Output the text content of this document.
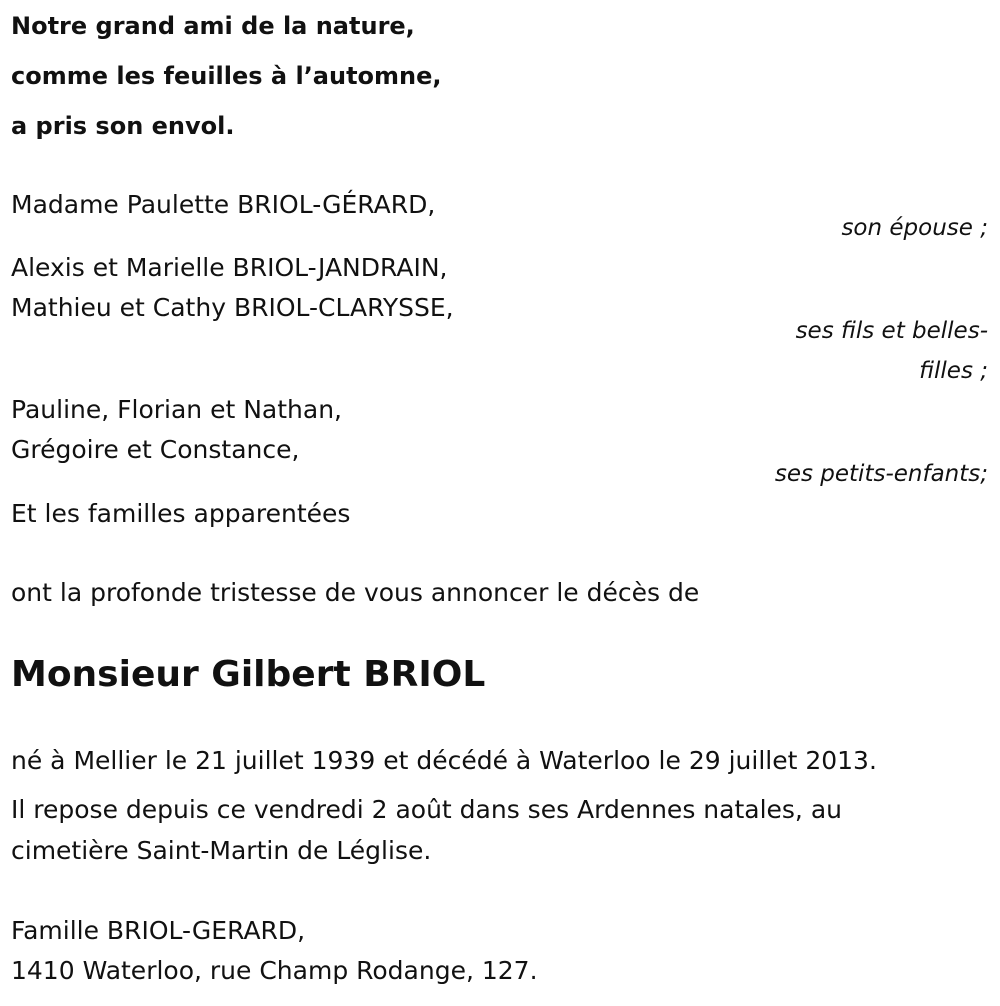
Notre grand ami de la nature,
comme les feuilles à l’automne,
a pris son envol.
Madame Paulette BRIOL-GÉRARD,
son épouse ;
Alexis et Marielle BRIOL-JANDRAIN,
Mathieu et Cathy BRIOL-CLARYSSE,
ses fils et belles-
filles ;
Pauline, Florian et Nathan,
Grégoire et Constance,
ses petits-enfants;
Et les familles apparentées
ont la profonde tristesse de vous annoncer le décès de
Monsieur Gilbert BRIOL
né à Mellier le 21 juillet 1939 et décédé à Waterloo le 29 juillet 2013.
Il repose depuis ce vendredi 2 août dans ses Ardennes natales, au
cimetière Saint-Martin de Léglise.
Famille BRIOL-GERARD,
1410 Waterloo, rue Champ Rodange, 127.
